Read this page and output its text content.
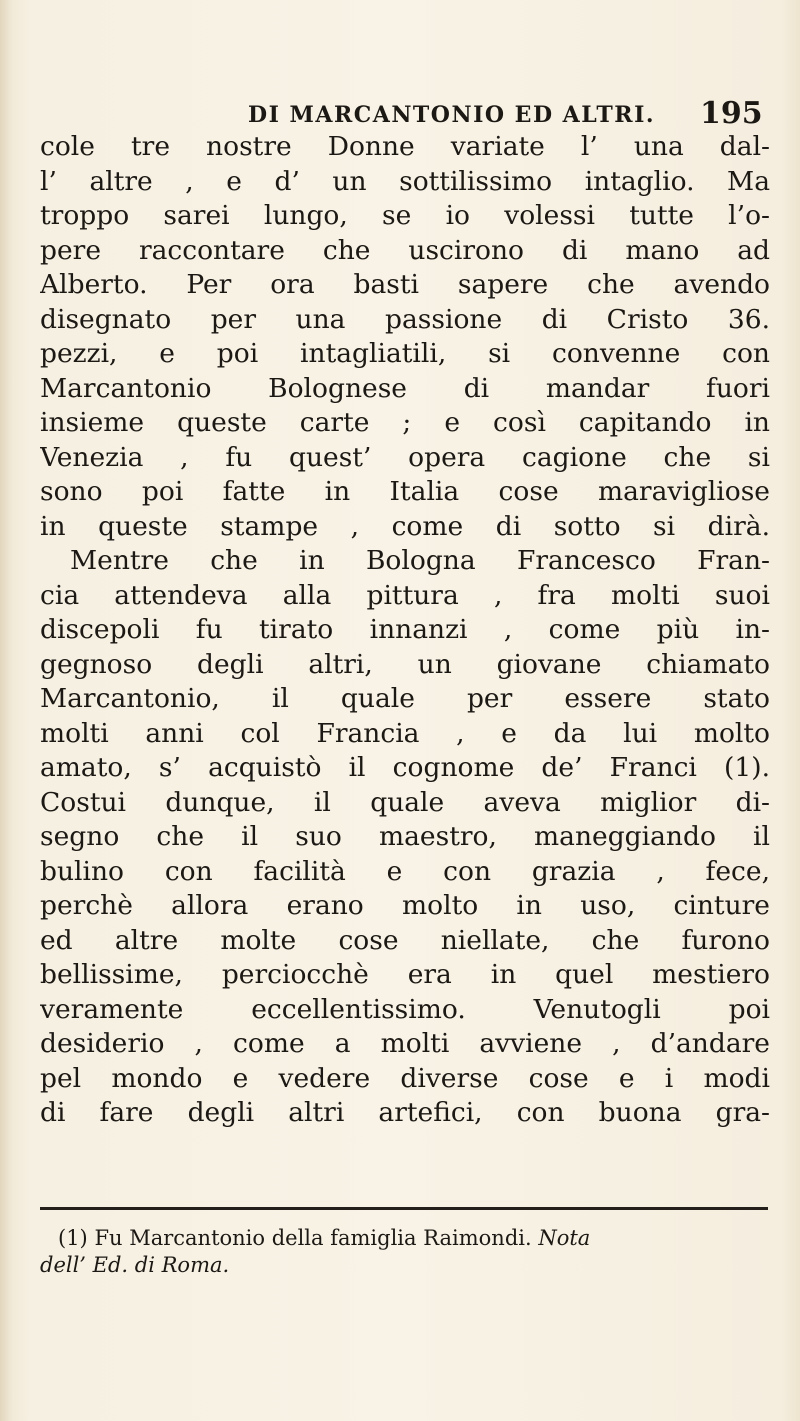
DI MARCANTONIO ED ALTRI. 195
cole tre nostre Donne variate l’ una dal-
l’ altre , e d’ un sottilissimo intaglio. Ma
troppo sarei lungo, se io volessi tutte l’o-
pere raccontare che uscirono di mano ad
Alberto. Per ora basti sapere che avendo
disegnato per una passione di Cristo 36.
pezzi, e poi intagliatili, si convenne con
Marcantonio Bolognese di mandar fuori
insieme queste carte ; e così capitando in
Venezia , fu quest’ opera cagione che si
sono poi fatte in Italia cose maravigliose
in queste stampe , come di sotto si dirà.
Mentre che in Bologna Francesco Fran-
cia attendeva alla pittura , fra molti suoi
discepoli fu tirato innanzi , come più in-
gegnoso degli altri, un giovane chiamato
Marcantonio, il quale per essere stato
molti anni col Francia , e da lui molto
amato, s’ acquistò il cognome de’ Franci (1).
Costui dunque, il quale aveva miglior di-
segno che il suo maestro, maneggiando il
bulino con facilità e con grazia , fece,
perchè allora erano molto in uso, cinture
ed altre molte cose niellate, che furono
bellissime, perciocchè era in quel mestiero
veramente eccellentissimo. Venutogli poi
desiderio , come a molti avviene , d’andare
pel mondo e vedere diverse cose e i modi
di fare degli altri artefici, con buona gra-
(1) Fu Marcantonio della famiglia Raimondi. Nota
dell’ Ed. di Roma.
